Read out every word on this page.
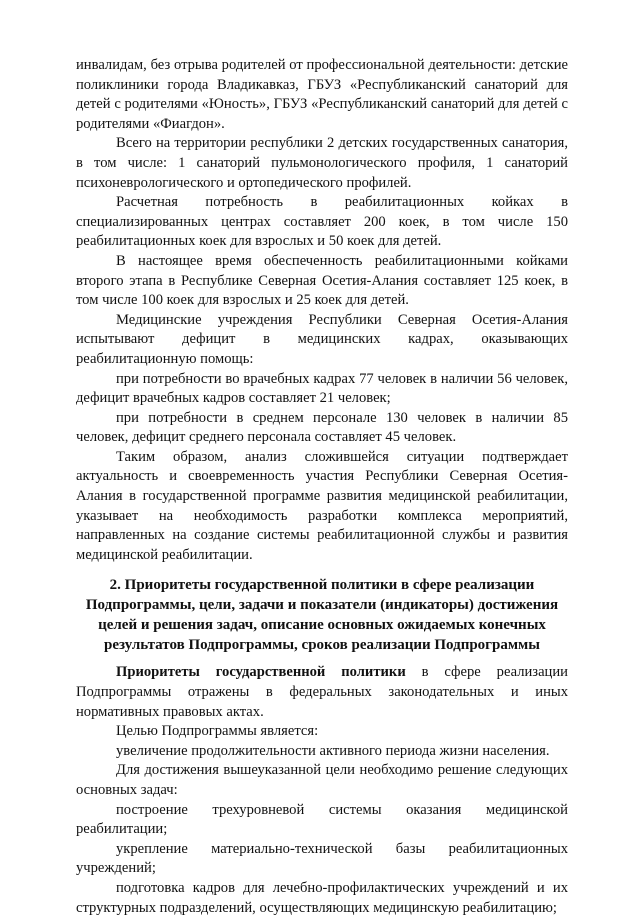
инвалидам, без отрыва родителей от профессиональной деятельности: детские поликлиники города Владикавказ, ГБУЗ «Республиканский санаторий для детей с родителями «Юность», ГБУЗ «Республиканский санаторий для детей с родителями «Фиагдон».

Всего на территории республики 2 детских государственных санатория, в том числе: 1 санаторий пульмонологического профиля, 1 санаторий психоневрологического и ортопедического профилей.

Расчетная потребность в реабилитационных койках в специализированных центрах составляет 200 коек, в том числе 150 реабилитационных коек для взрослых и 50 коек для детей.

В настоящее время обеспеченность реабилитационными койками второго этапа в Республике Северная Осетия-Алания составляет 125 коек, в том числе 100 коек для взрослых и 25 коек для детей.

Медицинские учреждения Республики Северная Осетия-Алания испытывают дефицит в медицинских кадрах, оказывающих реабилитационную помощь:

при потребности во врачебных кадрах 77 человек в наличии 56 человек, дефицит врачебных кадров составляет 21 человек;

при потребности в среднем персонале 130 человек в наличии 85 человек, дефицит среднего персонала составляет 45 человек.

Таким образом, анализ сложившейся ситуации подтверждает актуальность и своевременность участия Республики Северная Осетия-Алания в государственной программе развития медицинской реабилитации, указывает на необходимость разработки комплекса мероприятий, направленных на создание системы реабилитационной службы и развития медицинской реабилитации.

2. Приоритеты государственной политики в сфере реализации Подпрограммы, цели, задачи и показатели (индикаторы) достижения целей и решения задач, описание основных ожидаемых конечных результатов Подпрограммы, сроков реализации Подпрограммы

Приоритеты государственной политики в сфере реализации Подпрограммы отражены в федеральных законодательных и иных нормативных правовых актах.

Целью Подпрограммы является:

увеличение продолжительности активного периода жизни населения.

Для достижения вышеуказанной цели необходимо решение следующих основных задач:

построение трехуровневой системы оказания медицинской реабилитации;

укрепление материально-технической базы реабилитационных учреждений;

подготовка кадров для лечебно-профилактических учреждений и их структурных подразделений, осуществляющих медицинскую реабилитацию;
